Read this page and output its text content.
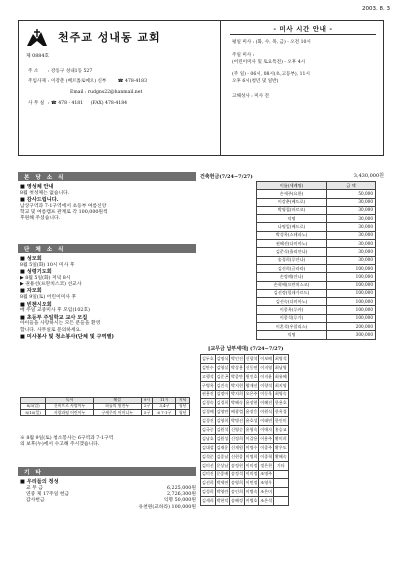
2003. 8. 3
천주교 성내동 교회
제 0884호
주 소 : 강동구 성내1동 527
주임사제 : 이강춘 (베르톨로메오) 신부 ☎ 478-4183
Email : rudgns22@hanmail.net
사 무 실 : ☎ 478 - 4181 (FAX) 478-4184
- 미사 시간 안내 -
평일 미사 : (화, 수, 목, 금) - 오전 10시
주일 미사 :
(어린이미사 및 토요특전) - 오후 4시
(주 일) - 06시, 08시(초,고등부), 11시
오후 6시(청년 및 일반)
고해성사 : 미사 전
본 당 소 식
■ 영성체 안내
8월 첫성체는 없습니다.
■ 감사드립니다.
남상구역과 7-1구역에서 초등부 여름신앙
학교 및 여름캠프 관계로 각 100,000원씩
후원해 주셨습니다.
단 체 소 식
■ 성모회
8월 5일(화) 10시 미사 후
■ 성령기도회
▶ 8월 5일(화) 저녁 8시
▶ 권용선(프란치스코) 선교사
■ 자모회
8월 9일(토) 어린이미사 후
■ 빈첸시오회
매 주일 교중미사 후 모임(102호)
■ 초등부 주일학교 교사 모집
아이들을 사랑하시는 모든 분들을 환영
합니다. 사무실로 문의하세요.
■ 미사봉사 및 청소봉사(단체 및 구역별)
	독서	해설	9시	11시	저녁
8/3(일)	신비프로 사랑이누	하늘의 원천누	2구	3,4구	청년
8/10(일)	사랑과평 어린이누	구세주의 어머니누	5구	6 7-1구	청년
※ 8월 9일(토) 청소봉사는 6구역과 7-1구역
의 보후(누)에서 수고해 주시겠습니다.
기 타
■ 우리들의 정성
교 무 금	6,225,000원
연중 제 17주일 헌금	2,726,300원
감사헌금	익명 50,000원
유천원(교하라) 100,000원
건축헌금(7/24~7/27)	3,430,000원
이름(세례명)	금 액
손세주(요한)	50,000
이강춘(베드로)	30,000
박영철(마르코)	30,000
익명	30,000
나명일(베드로)	30,000
박성옥(스테파노)	30,000
권혜선(다미아노)	30,000
김준식(율리안나)	30,000
송경희(루안나)	30,000
김선희(글라라)	100,000
손정례(안나)	100,000
손혁에(프란치스코)	100,000
김선정(힐데가르드)	100,000
김선숙(다미아노)	100,000
이종옥(루카)	100,000
이종석(루가)	100,000
이혼석(우찰리스)	200,000
익명	300,000
[교무금 납부세대] (7/24~7/27)
김두호	김명식	박인진	신광석	이보배	최영석
김만수	김영실	박상용	신동연	이지영	최남영
고행석	김준곤	박종만	원인호	이지윤	최유혜
구병옥	김진숙	박지현	왕재선	이향석	최지영
권용진	김정아	박지희	오은주	이동욱	최영숙
김경숙	김경희	박혜숙	윤장현	이혜진	한용호
김경배	김영만	배광렬	윤장응	이원식	한옥경
김경진	김영희	박병선	윤호성	이태연	한인미
김국중	김원석	신영순	윤영숙	이애자	홍승교
김남호	김원성	신정희	이갑용	이용주	황미희
김대섭	김재운	신재원	이명수	이종주	황우도
김석준	김종남	신현종	이명희	이종혁	황혜숙
김미선	문상남	송정현	이미정	정은찬	기타
김미진	문종배	송정석	이미정	조명주	
김선희	박세연	송영희	이민정	조영우	
김성희	박영란	송인희	이병숙	조은미	
김세희	박현덕	송혜정	이병호	조은석	
